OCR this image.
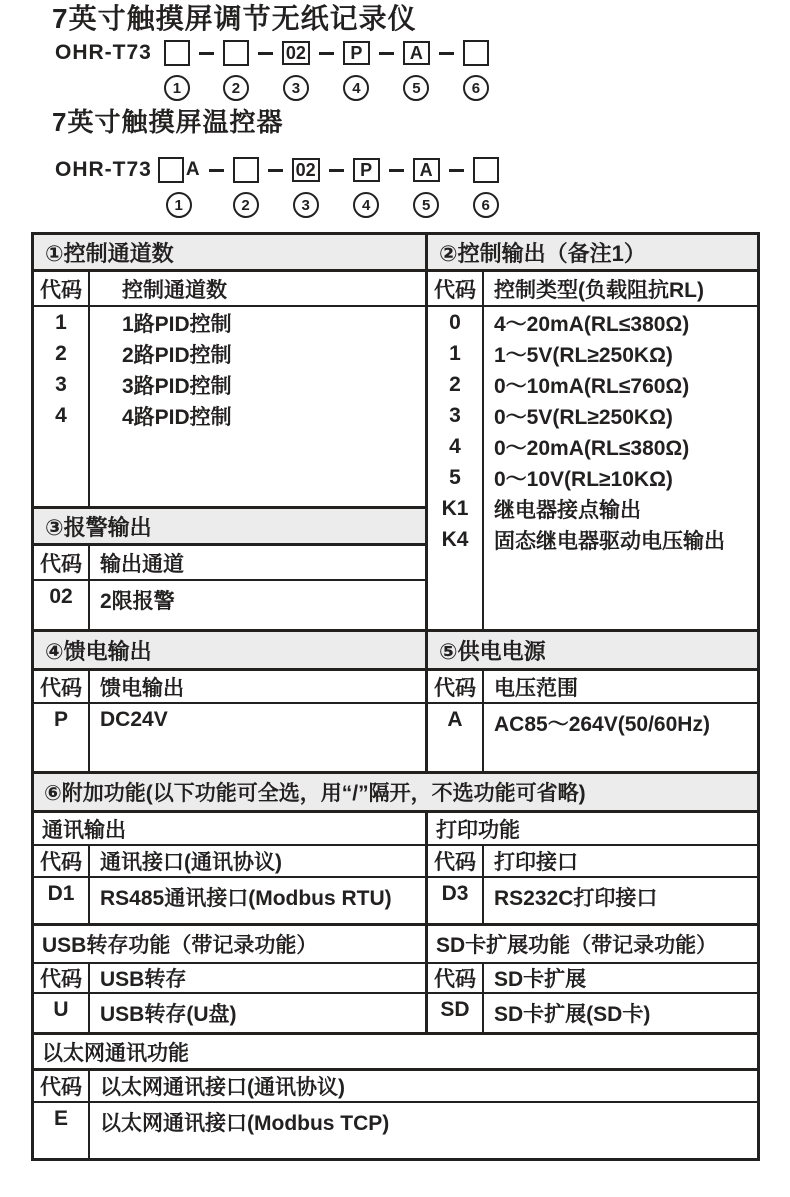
7英寸触摸屏调节无纸记录仪
OHR-T73
1	2
02
3
P
4
A
5	6
7英寸触摸屏温控器
OHR-T73 A
1	2
02
3
P
4
A
5	6
①控制通道数
代码	控制通道数
1	1路PID控制
2	2路PID控制
3	3路PID控制
4	4路PID控制
③报警输出
代码 输出通道
02	2限报警
②控制输出（备注1）
代码 控制类型(负载阻抗RL)
0	4～20mA(RL≤380Ω)
1	1～5V(RL≥250KΩ)
2	0～10mA(RL≤760Ω)
3	0～5V(RL≥250KΩ)
4	0～20mA(RL≤380Ω)
5	0～10V(RL≥10KΩ)
K1	继电器接点输出
K4	固态继电器驱动电压输出
④馈电输出
代码 馈电输出
P	DC24V
⑤供电电源
代码 电压范围
A	AC85～264V(50/60Hz)
⑥附加功能(以下功能可全选，用“/”隔开，不选功能可省略)
通讯输出
代码 通讯接口(通讯协议)
D1	RS485通讯接口(Modbus RTU)
打印功能
代码 打印接口
D3	RS232C打印接口
USB转存功能（带记录功能）
代码 USB转存
U	USB转存(U盘)
SD卡扩展功能（带记录功能）
代码 SD卡扩展
SD	SD卡扩展(SD卡)
以太网通讯功能
代码 以太网通讯接口(通讯协议)
E	以太网通讯接口(Modbus TCP)
